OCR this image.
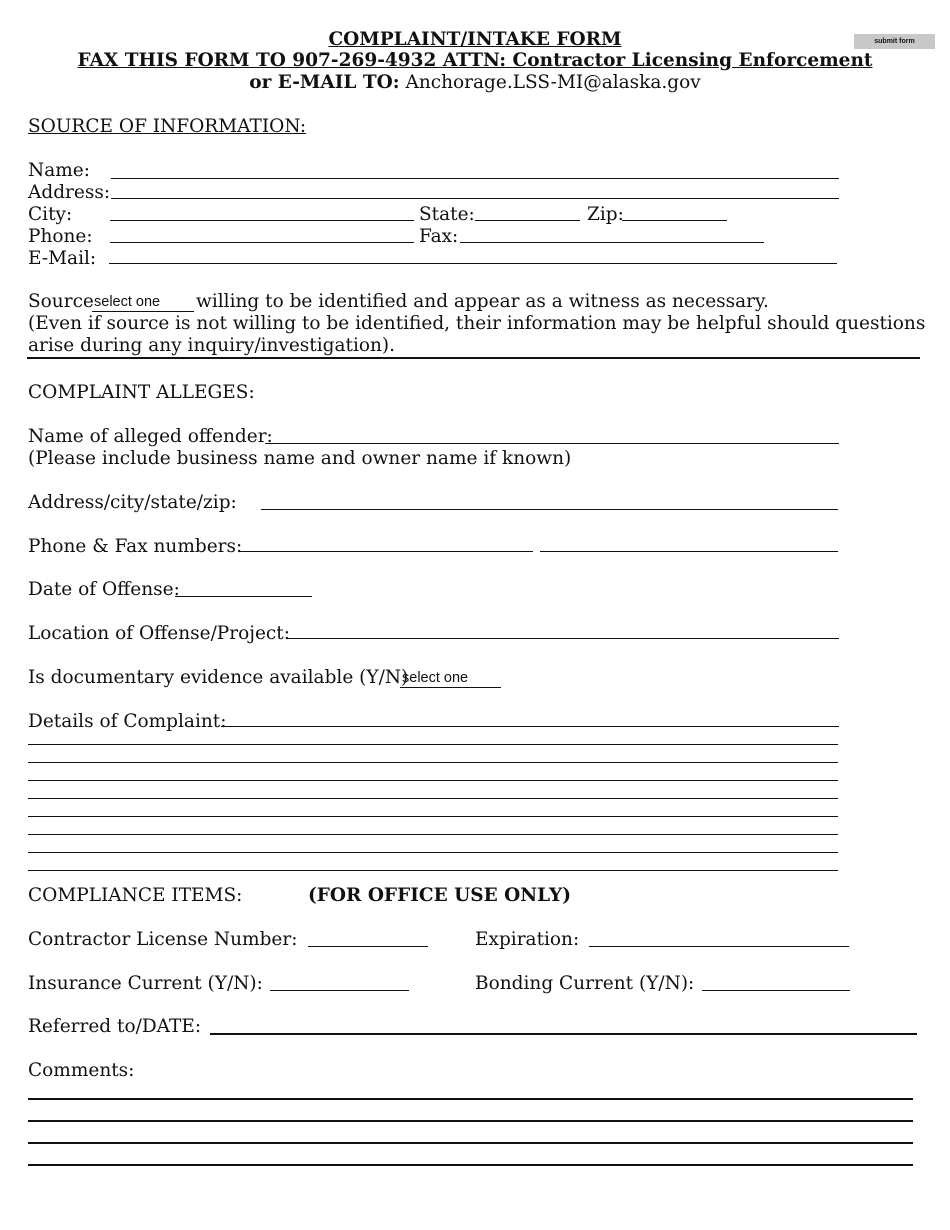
COMPLAINT/INTAKE FORM
FAX THIS FORM TO 907-269-4932 ATTN: Contractor Licensing Enforcement
or E-MAIL TO: Anchorage.LSS-MI@alaska.gov
submit form
SOURCE OF INFORMATION:
Name:
Address:
City:	State:	Zip:
Phone:	Fax:
E-Mail:
Source select one	willing to be identified and appear as a witness as necessary.
(Even if source is not willing to be identified, their information may be helpful should questions
arise during any inquiry/investigation).
COMPLAINT ALLEGES:
Name of alleged offender:
(Please include business name and owner name if known)
Address/city/state/zip:
Phone & Fax numbers:
Date of Offense:
Location of Offense/Project:
Is documentary evidence available (Y/N)
select one
Details of Complaint:
COMPLIANCE ITEMS:	(FOR OFFICE USE ONLY)
Contractor License Number:	Expiration:
Insurance Current (Y/N):	Bonding Current (Y/N):
Referred to/DATE:
Comments:
